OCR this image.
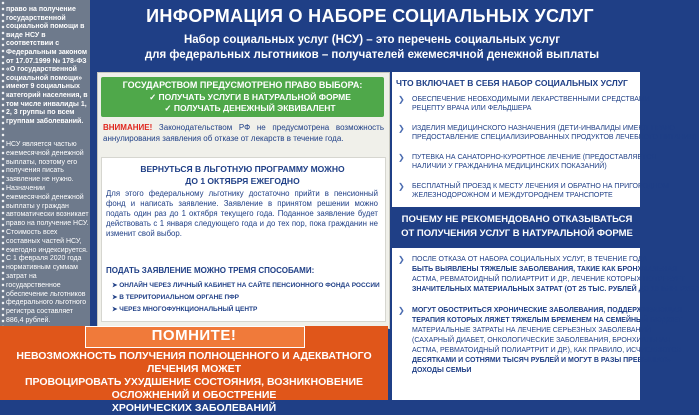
право на получение государственной социальной помощи в виде НСУ в соответствии с Федеральным законом от 17.07.1999 № 178-ФЗ «О государственной социальной помощи» имеют 9 социальных категорий населения, в том числе инвалиды 1, 2, 3 группы по всем группам заболеваний.

НСУ является частью ежемесячной денежной выплаты, поэтому его получения писать заявление не нужно. Назначении ежемесячной денежной выплаты у граждан автоматически возникает право на получение НСУ. Стоимость всех составных частей НСУ, ежегодно индексируется. С 1 февраля 2020 года нормативным суммам затрат на государственное обеспечение льготников федерального льготного регистра составляет 886,4 рублей.

ИНФОРМАЦИЯ О НАБОРЕ СОЦИАЛЬНЫХ УСЛУГ
Набор социальных услуг (НСУ) – это перечень социальных услуг
для федеральных льготников – получателей ежемесячной денежной выплаты

ГОСУДАРСТВОМ ПРЕДУСМОТРЕНО ПРАВО ВЫБОРА:

✓ ПОЛУЧАТЬ УСЛУГИ В НАТУРАЛЬНОЙ ФОРМЕ

✓ ПОЛУЧАТЬ ДЕНЕЖНЫЙ ЭКВИВАЛЕНТ

ВНИМАНИЕ! Законодательством РФ не предусмотрена возможность аннулирования заявления об отказе от лекарств в течение года.

ВЕРНУТЬСЯ В ЛЬГОТНУЮ ПРОГРАММУ МОЖНО
ДО 1 ОКТЯБРЯ ЕЖЕГОДНО

Для этого федеральному льготнику достаточно прийти в пенсионный фонд и написать заявление. Заявление в принятом решении можно подать один раз до 1 октября текущего года. Поданное заявление будет действовать с 1 января следующего года и до тех пор, пока гражданин не изменит свой выбор.

ПОДАТЬ ЗАЯВЛЕНИЕ МОЖНО ТРЕМЯ СПОСОБАМИ:

➤ ОНЛАЙН ЧЕРЕЗ ЛИЧНЫЙ КАБИНЕТ НА САЙТЕ ПЕНСИОННОГО ФОНДА РОССИИ

➤ В ТЕРРИТОРИАЛЬНОМ ОРГАНЕ ПФР

➤ ЧЕРЕЗ МНОГОФУНКЦИОНАЛЬНЫЙ ЦЕНТР

ЧТО ВКЛЮЧАЕТ В СЕБЯ НАБОР СОЦИАЛЬНЫХ УСЛУГ

❯ ОБЕСПЕЧЕНИЕ НЕОБХОДИМЫМИ ЛЕКАРСТВЕННЫМИ СРЕДСТВАМИ
РЕЦЕПТУ ВРАЧА ИЛИ ФЕЛЬДШЕРА

❯ ИЗДЕЛИЯ МЕДИЦИНСКОГО НАЗНАЧЕНИЯ (ДЕТИ-ИНВАЛИДЫ ИМЕЮТ ПРАВО
ПРЕДОСТАВЛЕНИЕ СПЕЦИАЛИЗИРОВАННЫХ ПРОДУКТОВ ЛЕЧЕБНОГО ПИТАНИЯ)

❯ ПУТЕВКА НА САНАТОРНО-КУРОРТНОЕ ЛЕЧЕНИЕ (ПРЕДОСТАВЛЯЕТСЯ
НАЛИЧИИ У ГРАЖДАНИНА МЕДИЦИНСКИХ ПОКАЗАНИЙ)

❯ БЕСПЛАТНЫЙ ПРОЕЗД К МЕСТУ ЛЕЧЕНИЯ И ОБРАТНО НА ПРИГОРОДНОМ
ЖЕЛЕЗНОДОРОЖНОМ И МЕЖДУГОРОДНЕМ ТРАНСПОРТЕ

ПОЧЕМУ НЕ РЕКОМЕНДОВАНО ОТКАЗЫВАТЬСЯ
ОТ ПОЛУЧЕНИЯ УСЛУГ В НАТУРАЛЬНОЙ ФОРМЕ
❯ ПОСЛЕ ОТКАЗА ОТ НАБОРА СОЦИАЛЬНЫХ УСЛУГ, В ТЕЧЕНИЕ ГОДА
БЫТЬ ВЫЯВЛЕНЫ ТЯЖЕЛЫЕ ЗАБОЛЕВАНИЯ, ТАКИЕ КАК БРОНХИАЛЬНАЯ
АСТМА, РЕВМАТОИДНЫЙ ПОЛИАРТРИТ И ДР., ЛЕЧЕНИЕ КОТОРЫХ ПОТРЕБУЕТ
ЗНАЧИТЕЛЬНЫХ МАТЕРИАЛЬНЫХ ЗАТРАТ (ОТ 25 ТЫС. РУБЛЕЙ ДО 10 МЛН. РУБ.)

❯ МОГУТ ОБОСТРИТЬСЯ ХРОНИЧЕСКИЕ ЗАБОЛЕВАНИЯ, ПОДДЕРЖИВАЮЩАЯ
ТЕРАПИЯ КОТОРЫХ ЛЯЖЕТ ТЯЖЕЛЫМ БРЕМЕНЕМ НА СЕМЕЙНЫЙ БЮДЖЕТ
МАТЕРИАЛЬНЫЕ ЗАТРАТЫ НА ЛЕЧЕНИЕ СЕРЬЕЗНЫХ ЗАБОЛЕВАНИЙ
(САХАРНЫЙ ДИАБЕТ, ОНКОЛОГИЧЕСКИЕ ЗАБОЛЕВАНИЯ, БРОНХИАЛЬНАЯ
АСТМА, РЕВМАТОИДНЫЙ ПОЛИАРТРИТ И ДР.), КАК ПРАВИЛО, ИСЧИСЛЯЮТСЯ
ДЕСЯТКАМИ И СОТНЯМИ ТЫСЯЧ РУБЛЕЙ И МОГУТ В РАЗЫ ПРЕВЫШАТЬ
ДОХОДЫ СЕМЬИ

ПОМНИТЕ!

НЕВОЗМОЖНОСТЬ ПОЛУЧЕНИЯ ПОЛНОЦЕННОГО И АДЕКВАТНОГО ЛЕЧЕНИЯ МОЖЕТ
ПРОВОЦИРОВАТЬ УХУДШЕНИЕ СОСТОЯНИЯ, ВОЗНИКНОВЕНИЕ ОСЛОЖНЕНИЙ И ОБОСТРЕНИЕ
ХРОНИЧЕСКИХ ЗАБОЛЕВАНИЙ
